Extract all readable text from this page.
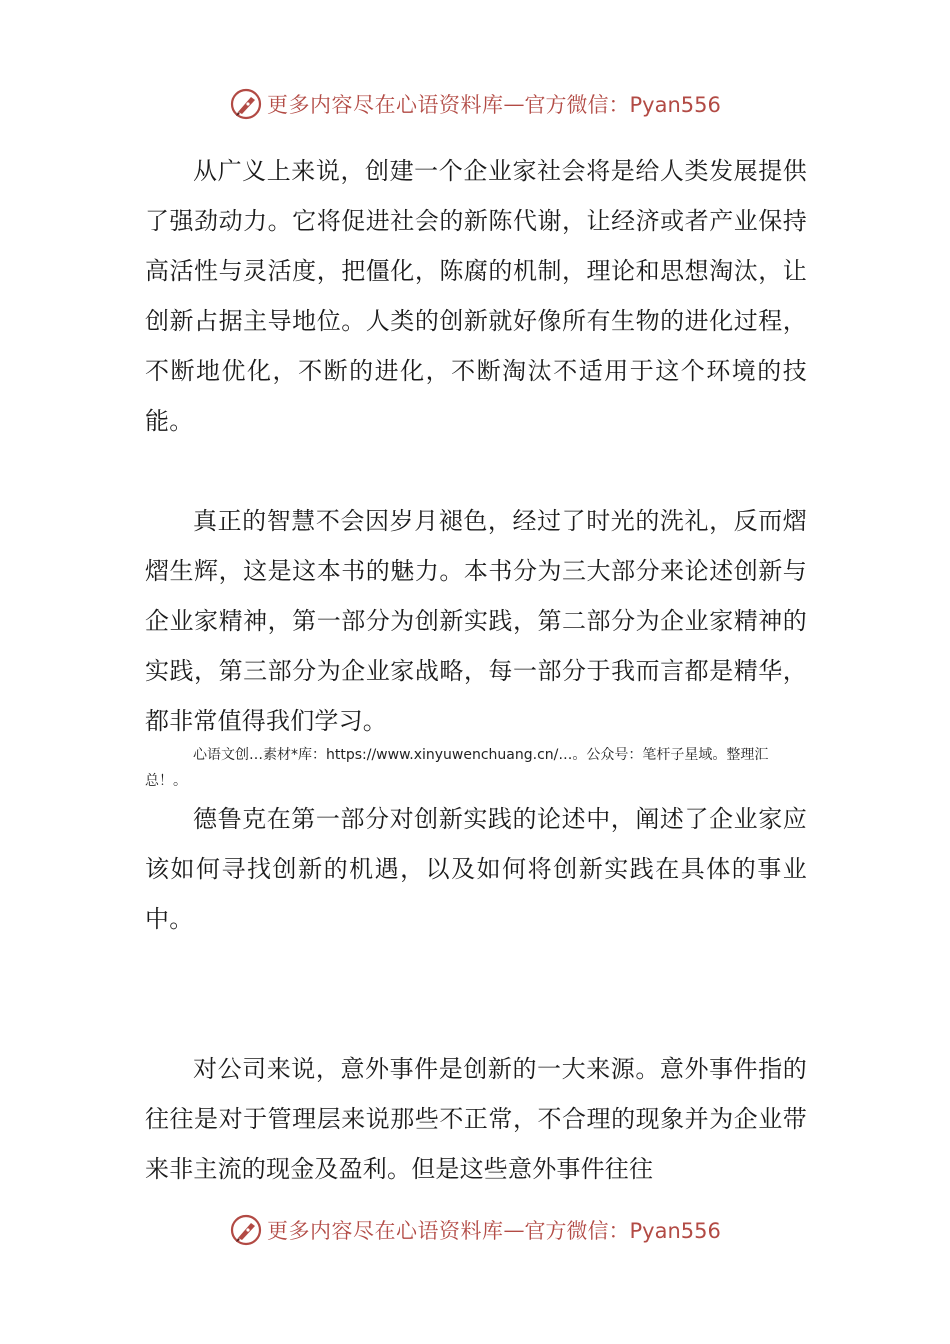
更多内容尽在心语资料库 — 官方微信：Pyan556

从广义上来说，创建一个企业家社会将是给人类发展提供了强劲动力。它将促进社会的新陈代谢，让经济或者产业保持高活性与灵活度，把僵化，陈腐的机制，理论和思想淘汰，让创新占据主导地位。人类的创新就好像所有生物的进化过程，不断地优化，不断的进化，不断淘汰不适用于这个环境的技能。

真正的智慧不会因岁月褪色，经过了时光的洗礼，反而熠熠生辉，这是这本书的魅力。本书分为三大部分来论述创新与企业家精神，第一部分为创新实践，第二部分为企业家精神的实践，第三部分为企业家战略，每一部分于我而言都是精华，都非常值得我们学习。

心语文创…素材*库：https://www.xinyuwenchuang.cn/…。公众号：笔杆子星域。整理汇总！。

德鲁克在第一部分对创新实践的论述中，阐述了企业家应该如何寻找创新的机遇，以及如何将创新实践在具体的事业中。

对公司来说，意外事件是创新的一大来源。意外事件指的往往是对于管理层来说那些不正常，不合理的现象并为企业带来非主流的现金及盈利。但是这些意外事件往往

更多内容尽在心语资料库 — 官方微信：Pyan556
